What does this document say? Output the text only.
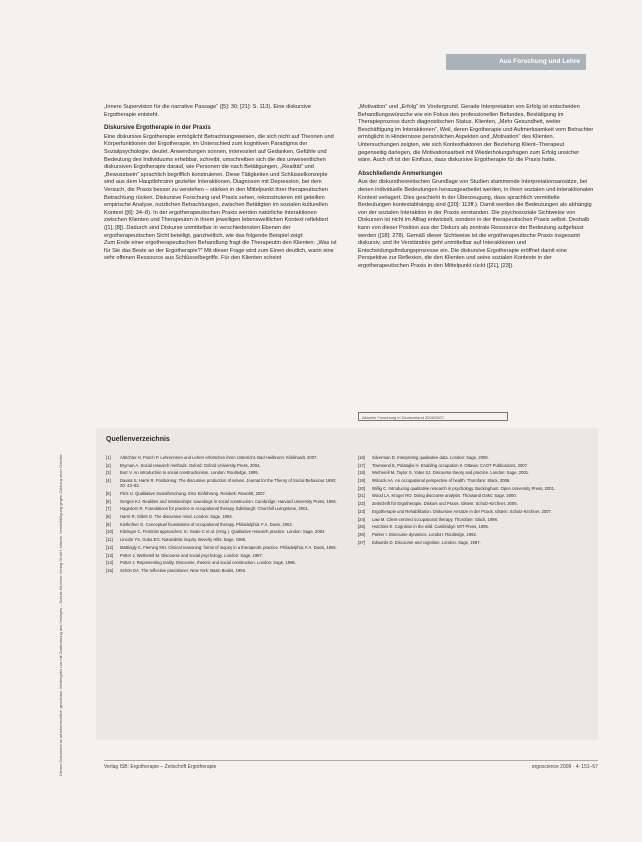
Aus Forschung und Lehre
Dieses Dokument ist urheberrechtlich geschützt. Weitergabe nur mit Zustimmung des Verlages – Schulz-Kirchner Verlag GmbH, Idstein. Vervielfältigung gegen Zahlung einer Gebühr.

„Innere Supervision für die narrative Passage“ ([5]: 30; [21]: S. 113). Eine diskursive Ergotherapie entsteht.

Diskursive Ergotherapie in der Praxis

Eine diskursive Ergotherapie ermöglicht Betrachtungsweisen, die sich nicht auf Theorien und Körperfunktionen der Ergotherapie, im Unterschied zum kognitiven Paradigma der Sozialpsychologie, deutet. Anwendungen sonnen, interessiert auf Gedanken, Gefühle und Bedeutung des Individuums erhebbar, schreibt, umschreiben sich die des unwesentlichen diskursiven Ergotherapie darauf, wie Personen die nach Betätigungen, „Realität“ und „Bewusstsein“ sprachlich begriffich konstruieren. Diese Tätigkeiten und Schlüsselkonzepte sind aus dem Hauptlehrsinn gezielter Interaktionen. Diagnosen mit Depression, bei dem Versuch, die Praxis besser zu verstehen – stärken in den Mittelpunkt ihrer therapeutischen Betrachtung rücken. Diskursive Forschung und Praxis sehen, rekonstruieren mit geteilten empirische Analyse, nutzlichen Betrachtungen, zwischen Betätigten im sozialen kulturellen Kontext ([6]: 34–8). In der ergotherapeutischen Praxis werden natürliche Interaktionen zwischen Klienten und Therapeuten in ihrem jeweiligen lebensweltlichen Kontext reflektiert ([1], [8]). Dadurch sind Diskurse unmittelbar in verschiedensten Ebenen der ergotherapeutischen Sicht beteiligt, ganzheitlich, wie das folgende Beispiel zeigt:

Zum Ende einer ergotherapeutischen Behandlung fragt die Therapeutin den Klienten: „Was ist für Sie das Beste an der Ergotherapie?“ Mit dieser Frage wird zum Einen deutlich, wann eine sehr offenen Ressource aus Schlüsselbegriffe. Für den Klienten scheint

„Motivation“ und „Erfolg“ im Vordergrund. Gerade Interpretation von Erfolg ist entscheiden Behandlungswünsche wie ein Fokus des professionellen Befundes, Bestätigung im Therapieprozess durch diagnostischen Status. Klienten, „Mehr Gesundheit, weiter Beschäftigung im Interaktionen“, Weil, deren Ergotherapie und Aufmerksamkeit vom Betrachter ermöglicht in Hindernisse persönlichen Aspekten und „Motivation“ des Klienten. Untersuchungen zeigten, wie sich Kontextfaktoren der Beziehung Klient–Therapeut gegenseitig darlegen, die Motivationsarbeit mit Wiederholungsfragen zum Erfolg unsicher wäre. Auch oft ist der Einfluss, dass diskursive Ergotherapie für die Praxis hatte.

Abschließende Anmerkungen

Aus der diskurstheoretischen Grundlage von Studien stammende Interpretationsansätze, bei denen individuelle Bedeutungen herausgearbeitet werden, in ihren sozialen und interaktionalen Kontext verlagert. Dies geschieht in der Überzeugung, dass sprachlich vermittelte Bedeutungen kontextabhängig sind ([20]: 113ff.). Damit werden die Bedeutungen als abhängig von der sozialen Interaktion in der Praxis verstanden. Die psychosoziale Sichtweise von Diskursen ist nicht im Alltag entwickelt, sondern in der therapeutischen Praxis selbst. Deshalb kann von dieser Position aus der Diskurs als zentrale Ressource der Bedeutung aufgefasst werden ([18]: 278). Gemäß dieser Sichtweise ist die ergotherapeutische Praxis insgesamt diskursiv, und ihr Verständnis geht unmittelbar auf Interaktionen und Entscheidungsfindungsprozesse ein. Die diskursive Ergotherapie eröffnet damit eine Perspektive zur Reflexion, die den Klienten und seine sozialen Kontexte in der ergotherapeutischen Praxis in den Mittelpunkt rückt ([21], [23]).

Aktuelle Forschung in Deutschland 2006/2007
Quellenverzeichnis
[1]	Altrichter H, Posch P. Lehrerinnen und Lehrer erforschen ihren Unterricht. Bad Heilbrunn: Klinkhardt, 2007.
[2]	Bryman A. Social research methods. Oxford: Oxford University Press, 2004.
[3]	Burr V. An introduction to social constructionism. London: Routledge, 1995.
[4]	Daviss S, Harré R. Positioning: The discursive production of selves. Journal for the Theory of Social Behaviour 1990; 20: 43–63.
[5]	Flick U. Qualitative Sozialforschung. Eine Einführung. Reinbek: Rowohlt, 2007.
[6]	Gergen KJ. Realities and relationships: soundings in social construction. Cambridge: Harvard University Press, 1994.
[7]	Hagedorn R. Foundations for practice in occupational therapy. Edinburgh: Churchill Livingstone, 2001.
[8]	Harré R, Gillett G. The discursive mind. London: Sage, 1994.
[9]	Kielhofner G. Conceptual foundations of occupational therapy. Philadelphia: F.A. Davis, 2004.
[10]	Kitzinger C. Feminist approaches. In: Seale C et al. (Hrsg.). Qualitative research practice. London: Sage, 2004.
[11]	Lincoln YS, Guba EG. Naturalistic inquiry. Beverly Hills: Sage, 1985.
[12]	Mattingly C, Fleming MH. Clinical reasoning: forms of inquiry in a therapeutic practice. Philadelphia: F.A. Davis, 1994.
[13]	Potter J, Wetherell M. Discourse and social psychology. London: Sage, 1987.
[14]	Potter J. Representing reality. Discourse, rhetoric and social construction. London: Sage, 1996.
[15]	Schön DA. The reflective practitioner. New York: Basic Books, 1983.
[16]	Silverman D. Interpreting qualitative data. London: Sage, 2006.
[17]	Townsend E, Polatajko H. Enabling occupation II. Ottawa: CAOT Publications, 2007.
[18]	Wetherell M, Taylor S, Yates SJ. Discourse theory and practice. London: Sage, 2001.
[19]	Wilcock AA. An occupational perspective of health. Thorofare: Slack, 2006.
[20]	Willig C. Introducing qualitative research in psychology. Buckingham: Open University Press, 2001.
[21]	Wood LA, Kroger RO. Doing discourse analysis. Thousand Oaks: Sage, 2000.
[22]	Zeitschrift für Ergotherapie. Diskurs und Praxis. Idstein: Schulz-Kirchner, 2006.
[23]	Ergotherapie und Rehabilitation. Diskursive Ansätze in der Praxis. Idstein: Schulz-Kirchner, 2007.
[24]	Law M. Client-centred occupational therapy. Thorofare: Slack, 1998.
[25]	Hutchins E. Cognition in the wild. Cambridge: MIT Press, 1995.
[26]	Parker I. Discourse dynamics. London: Routledge, 1992.
[27]	Edwards D. Discourse and cognition. London: Sage, 1997.
Verlag ISB: Ergotherapie – Zeitschrift Ergotherapie	ergoscience 2009 · 4: 151–57
